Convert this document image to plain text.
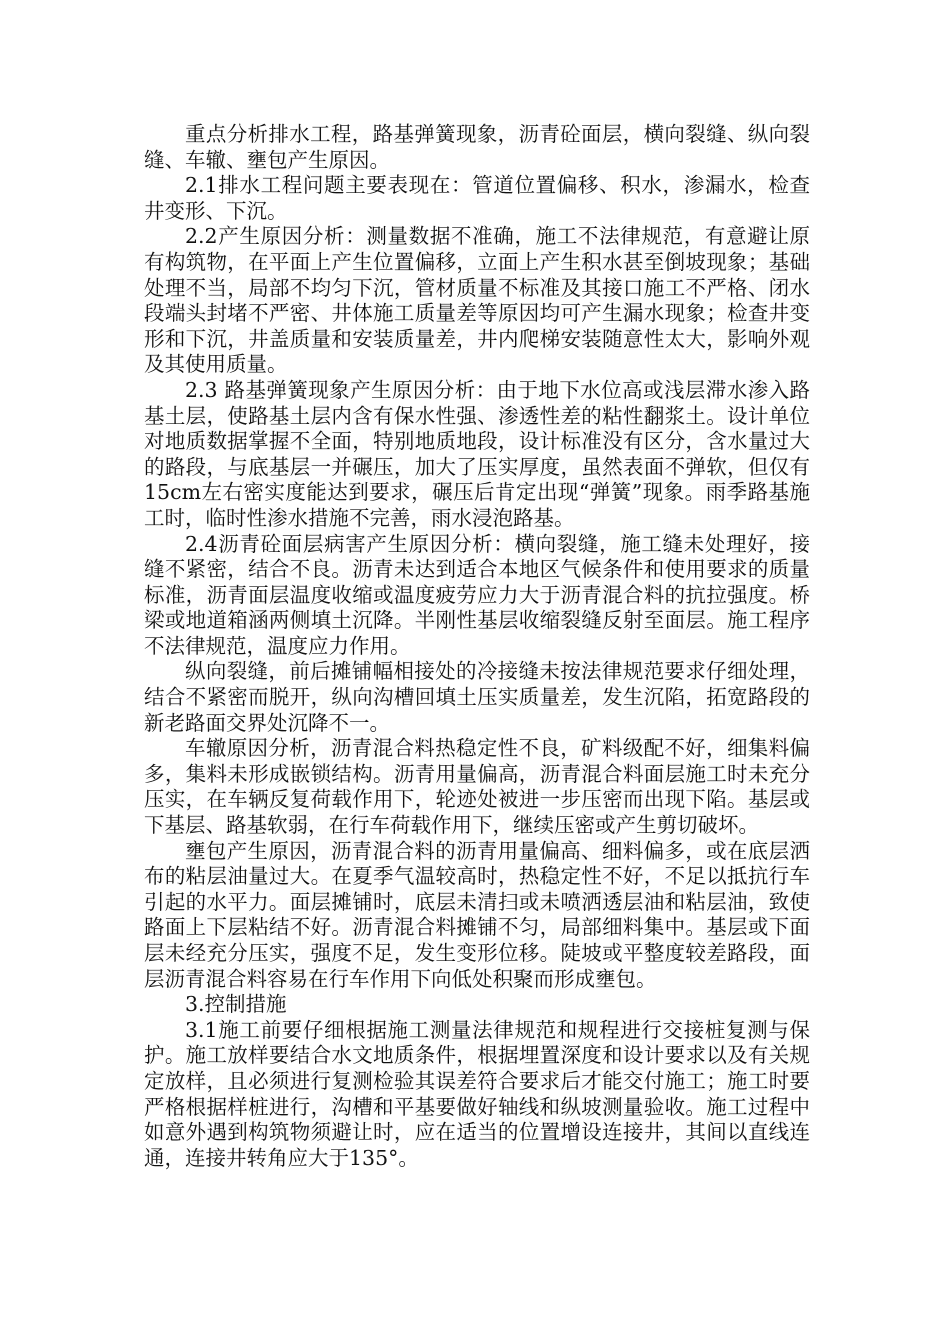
重点分析排水工程，路基弹簧现象，沥青砼面层，横向裂缝、纵向裂缝、车辙、壅包产生原因。

2.1排水工程问题主要表现在：管道位置偏移、积水，渗漏水，检查井变形、下沉。

2.2产生原因分析：测量数据不准确，施工不法律规范，有意避让原有构筑物，在平面上产生位置偏移，立面上产生积水甚至倒坡现象；基础处理不当，局部不均匀下沉，管材质量不标准及其接口施工不严格、闭水段端头封堵不严密、井体施工质量差等原因均可产生漏水现象；检查井变形和下沉，井盖质量和安装质量差，井内爬梯安装随意性太大，影响外观及其使用质量。

2.3 路基弹簧现象产生原因分析：由于地下水位高或浅层滞水渗入路基土层，使路基土层内含有保水性强、渗透性差的粘性翻浆土。设计单位对地质数据掌握不全面，特别地质地段，设计标准没有区分，含水量过大的路段，与底基层一并碾压，加大了压实厚度，虽然表面不弹软，但仅有15cm左右密实度能达到要求，碾压后肯定出现“弹簧”现象。雨季路基施工时，临时性渗水措施不完善，雨水浸泡路基。

2.4沥青砼面层病害产生原因分析：横向裂缝，施工缝未处理好，接缝不紧密，结合不良。沥青未达到适合本地区气候条件和使用要求的质量标准，沥青面层温度收缩或温度疲劳应力大于沥青混合料的抗拉强度。桥梁或地道箱涵两侧填土沉降。半刚性基层收缩裂缝反射至面层。施工程序不法律规范，温度应力作用。

纵向裂缝，前后摊铺幅相接处的冷接缝未按法律规范要求仔细处理，结合不紧密而脱开，纵向沟槽回填土压实质量差，发生沉陷，拓宽路段的新老路面交界处沉降不一。

车辙原因分析，沥青混合料热稳定性不良，矿料级配不好，细集料偏多，集料未形成嵌锁结构。沥青用量偏高，沥青混合料面层施工时未充分压实，在车辆反复荷载作用下，轮迹处被进一步压密而出现下陷。基层或下基层、路基软弱，在行车荷载作用下，继续压密或产生剪切破坏。

壅包产生原因，沥青混合料的沥青用量偏高、细料偏多，或在底层洒布的粘层油量过大。在夏季气温较高时，热稳定性不好，不足以抵抗行车引起的水平力。面层摊铺时，底层未清扫或未喷洒透层油和粘层油，致使路面上下层粘结不好。沥青混合料摊铺不匀，局部细料集中。基层或下面层未经充分压实，强度不足，发生变形位移。陡坡或平整度较差路段，面层沥青混合料容易在行车作用下向低处积聚而形成壅包。

3.控制措施

3.1施工前要仔细根据施工测量法律规范和规程进行交接桩复测与保护。施工放样要结合水文地质条件，根据埋置深度和设计要求以及有关规定放样，且必须进行复测检验其误差符合要求后才能交付施工；施工时要严格根据样桩进行，沟槽和平基要做好轴线和纵坡测量验收。施工过程中如意外遇到构筑物须避让时，应在适当的位置增设连接井，其间以直线连通，连接井转角应大于135°。
